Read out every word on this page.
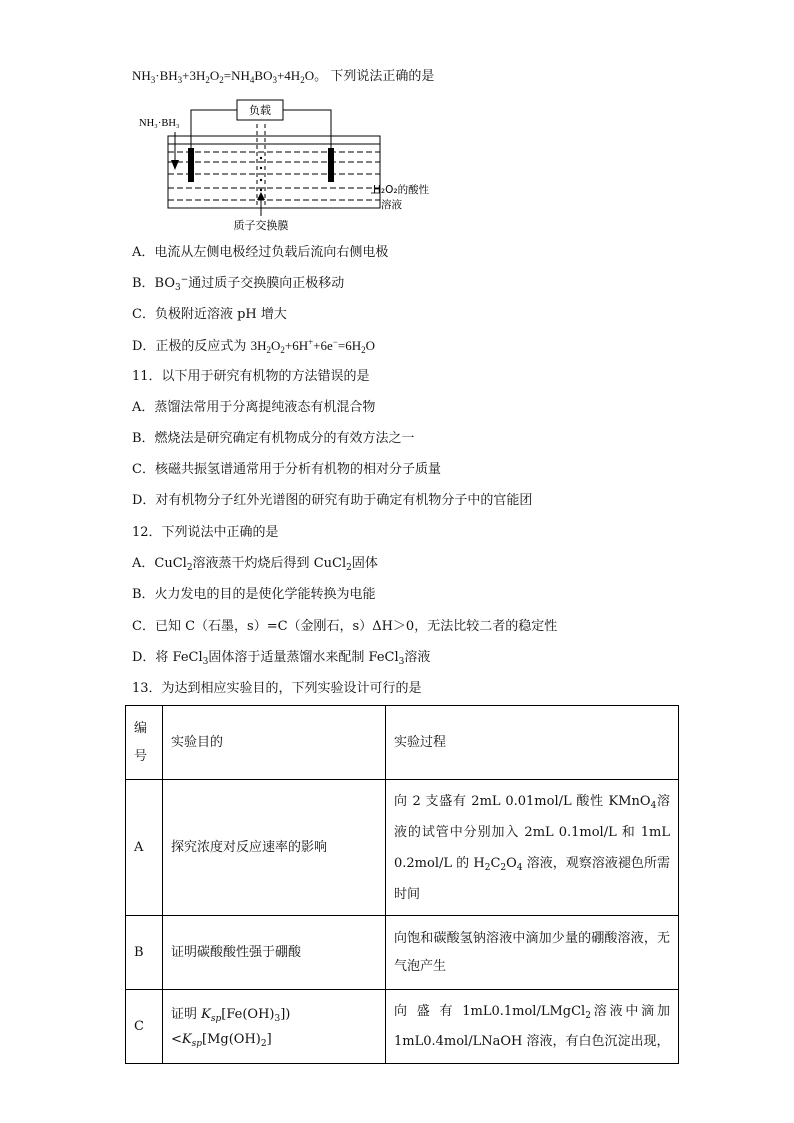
$NH_3\cdot BH_3+3H_2O_2=NH_4BO_3+4H_2O$。 下列说法正确的是
负载
NH₃·BH₃
H₂O₂的酸性
溶液
质子交换膜
A．电流从左侧电极经过负载后流向右侧电极
B．$BO_3^-$通过质子交换膜向正极移动
C．负极附近溶液 pH 增大
D．正极的反应式为 $3H_2O_2+6H^++6e^-=6H_2O$
11．以下用于研究有机物的方法错误的是
A．蒸馏法常用于分离提纯液态有机混合物
B．燃烧法是研究确定有机物成分的有效方法之一
C．核磁共振氢谱通常用于分析有机物的相对分子质量
D．对有机物分子红外光谱图的研究有助于确定有机物分子中的官能团
12．下列说法中正确的是
A．CuCl$_2$溶液蒸干灼烧后得到 CuCl$_2$固体
B．火力发电的目的是使化学能转换为电能
C．已知 C（石墨，s）=C（金刚石，s）ΔH＞0，无法比较二者的稳定性
D．将 FeCl$_3$固体溶于适量蒸馏水来配制 FeCl$_3$溶液
13．为达到相应实验目的，下列实验设计可行的是
编号	实验目的	实验过程
A	探究浓度对反应速率的影响	向 2 支盛有 2mL 0.01mol/L 酸性 KMnO$_4$溶液的试管中分别加入 2mL 0.1mol/L 和 1mL 0.2mol/L 的 $H_2C_2O_4$ 溶液，观察溶液褪色所需时间
B	证明碳酸酸性强于硼酸	向饱和碳酸氢钠溶液中滴加少量的硼酸溶液，无气泡产生
C	证明 $K_{sp}[Fe(OH)_3])<K_{sp}[Mg(OH)_2]$	向 盛 有 1mL0.1mol/LMgCl$_2$溶液中滴加 1mL0.4mol/LNaOH 溶液，有白色沉淀出现，
